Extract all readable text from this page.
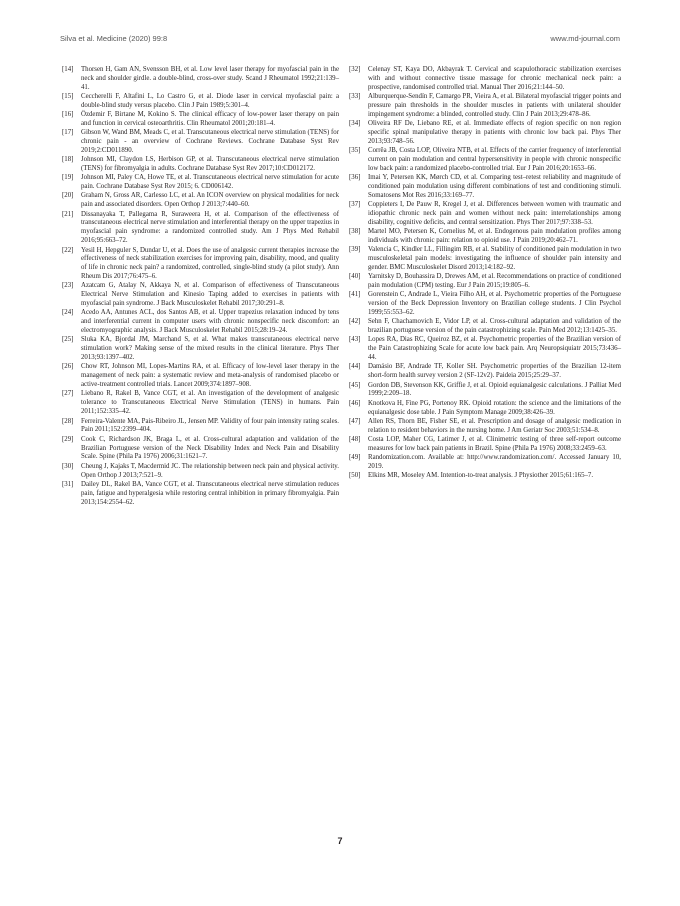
Silva et al. Medicine (2020) 99:8	www.md-journal.com
[14] Thorsen H, Gam AN, Svensson BH, et al. Low level laser therapy for myofascial pain in the neck and shoulder girdle. a double-blind, cross-over study. Scand J Rheumatol 1992;21:139–41.
[15] Ceccherelli F, Altafini L, Lo Castro G, et al. Diode laser in cervical myofascial pain: a double-blind study versus placebo. Clin J Pain 1989;5:301–4.
[16] Özdemir F, Birtane M, Kokino S. The clinical efficacy of low-power laser therapy on pain and function in cervical osteoarthritis. Clin Rheumatol 2001;20:181–4.
[17] Gibson W, Wand BM, Meads C, et al. Transcutaneous electrical nerve stimulation (TENS) for chronic pain - an overview of Cochrane Reviews. Cochrane Database Syst Rev 2019;2:CD011890.
[18] Johnson MI, Claydon LS, Herbison GP, et al. Transcutaneous electrical nerve stimulation (TENS) for fibromyalgia in adults. Cochrane Database Syst Rev 2017;10:CD012172.
[19] Johnson MI, Paley CA, Howe TE, et al. Transcutaneous electrical nerve stimulation for acute pain. Cochrane Database Syst Rev 2015; 6. CD006142.
[20] Graham N, Gross AR, Carlesso LC, et al. An ICON overview on physical modalities for neck pain and associated disorders. Open Orthop J 2013;7:440–60.
[21] Dissanayaka T, Pallegama R, Suraweera H, et al. Comparison of the effectiveness of transcutaneous electrical nerve stimulation and interferential therapy on the upper trapezius in myofascial pain syndrome: a randomized controlled study. Am J Phys Med Rehabil 2016;95:663–72.
[22] Yesil H, Hepguler S, Dundar U, et al. Does the use of analgesic current therapies increase the effectiveness of neck stabilization exercises for improving pain, disability, mood, and quality of life in chronic neck pain? a randomized, controlled, single-blind study (a pilot study). Ann Rheum Dis 2017;76:475–6.
[23] Azatcam G, Atalay N, Akkaya N, et al. Comparison of effectiveness of Transcutaneous Electrical Nerve Stimulation and Kinesio Taping added to exercises in patients with myofascial pain syndrome. J Back Musculoskelet Rehabil 2017;30:291–8.
[24] Acedo AA, Antunes ACL, dos Santos AB, et al. Upper trapezius relaxation induced by tens and interferential current in computer users with chronic nonspecific neck discomfort: an electromyographic analysis. J Back Musculoskelet Rehabil 2015;28:19–24.
[25] Sluka KA, Bjordal JM, Marchand S, et al. What makes transcutaneous electrical nerve stimulation work? Making sense of the mixed results in the clinical literature. Phys Ther 2013;93:1397–402.
[26] Chow RT, Johnson MI, Lopes-Martins RA, et al. Efficacy of low-level laser therapy in the management of neck pain: a systematic review and meta-analysis of randomised placebo or active-treatment controlled trials. Lancet 2009;374:1897–908.
[27] Liebano R, Rakel B, Vance CGT, et al. An investigation of the development of analgesic tolerance to Transcutaneous Electrical Nerve Stimulation (TENS) in humans. Pain 2011;152:335–42.
[28] Ferreira-Valente MA, Pais-Ribeiro JL, Jensen MP. Validity of four pain intensity rating scales. Pain 2011;152:2399–404.
[29] Cook C, Richardson JK, Braga L, et al. Cross-cultural adaptation and validation of the Brazilian Portuguese version of the Neck Disability Index and Neck Pain and Disability Scale. Spine (Phila Pa 1976) 2006;31:1621–7.
[30] Cheung J, Kajaks T, Macdermid JC. The relationship between neck pain and physical activity. Open Orthop J 2013;7:521–9.
[31] Dailey DL, Rakel BA, Vance CGT, et al. Transcutaneous electrical nerve stimulation reduces pain, fatigue and hyperalgesia while restoring central inhibition in primary fibromyalgia. Pain 2013;154:2554–62.
[32] Celenay ST, Kaya DO, Akbayrak T. Cervical and scapulothoracic stabilization exercises with and without connective tissue massage for chronic mechanical neck pain: a prospective, randomised controlled trial. Manual Ther 2016;21:144–50.
[33] Alburquerque-Sendín F, Camargo PR, Vieira A, et al. Bilateral myofascial trigger points and pressure pain thresholds in the shoulder muscles in patients with unilateral shoulder impingement syndrome: a blinded, controlled study. Clin J Pain 2013;29:478–86.
[34] Oliveira RF De, Liebano RE, et al. Immediate effects of region specific on non region specific spinal manipulative therapy in patients with chronic low back pai. Phys Ther 2013;93:748–56.
[35] Corrêa JB, Costa LOP, Oliveira NTB, et al. Effects of the carrier frequency of interferential current on pain modulation and central hypersensitivity in people with chronic nonspecific low back pain: a randomized placebo-controlled trial. Eur J Pain 2016;20:1653–66.
[36] Imai Y, Petersen KK, Mørch CD, et al. Comparing test–retest reliability and magnitude of conditioned pain modulation using different combinations of test and conditioning stimuli. Somatosens Mot Res 2016;33:169–77.
[37] Coppieters I, De Pauw R, Kregel J, et al. Differences between women with traumatic and idiopathic chronic neck pain and women without neck pain: interrelationships among disability, cognitive deficits, and central sensitization. Phys Ther 2017;97:338–53.
[38] Martel MO, Petersen K, Cornelius M, et al. Endogenous pain modulation profiles among individuals with chronic pain: relation to opioid use. J Pain 2019;20:462–71.
[39] Valencia C, Kindler LL, Fillingim RB, et al. Stability of conditioned pain modulation in two musculoskeletal pain models: investigating the influence of shoulder pain intensity and gender. BMC Musculoskelet Disord 2013;14:182–92.
[40] Yarnitsky D, Bouhassira D, Drewes AM, et al. Recommendations on practice of conditioned pain modulation (CPM) testing. Eur J Pain 2015;19:805–6.
[41] Gorenstein C, Andrade L, Vieira Filho AH, et al. Psychometric properties of the Portuguese version of the Beck Depression Inventory on Brazilian college students. J Clin Psychol 1999;55:553–62.
[42] Sehn F, Chachamovich E, Vidor LP, et al. Cross-cultural adaptation and validation of the brazilian portuguese version of the pain catastrophizing scale. Pain Med 2012;13:1425–35.
[43] Lopes RA, Dias RC, Queiroz BZ, et al. Psychometric properties of the Brazilian version of the Pain Catastrophizing Scale for acute low back pain. Arq Neuropsiquiatr 2015;73:436–44.
[44] Damásio BF, Andrade TF, Koller SH. Psychometric properties of the Brazilian 12-item short-form health survey version 2 (SF-12v2). Paideia 2015;25:29–37.
[45] Gordon DB, Stevenson KK, Griffie J, et al. Opioid equianalgesic calculations. J Palliat Med 1999;2:209–18.
[46] Knotkova H, Fine PG, Portenoy RK. Opioid rotation: the science and the limitations of the equianalgesic dose table. J Pain Symptom Manage 2009;38:426–39.
[47] Allen RS, Thorn BE, Fisher SE, et al. Prescription and dosage of analgesic medication in relation to resident behaviors in the nursing home. J Am Geriatr Soc 2003;51:534–8.
[48] Costa LOP, Maher CG, Latimer J, et al. Clinimetric testing of three self-report outcome measures for low back pain patients in Brazil. Spine (Phila Pa 1976) 2008;33:2459–63.
[49] Randomization.com. Available at: http://www.randomization.com/. Accessed January 10, 2019.
[50] Elkins MR, Moseley AM. Intention-to-treat analysis. J Physiother 2015;61:165–7.
7
